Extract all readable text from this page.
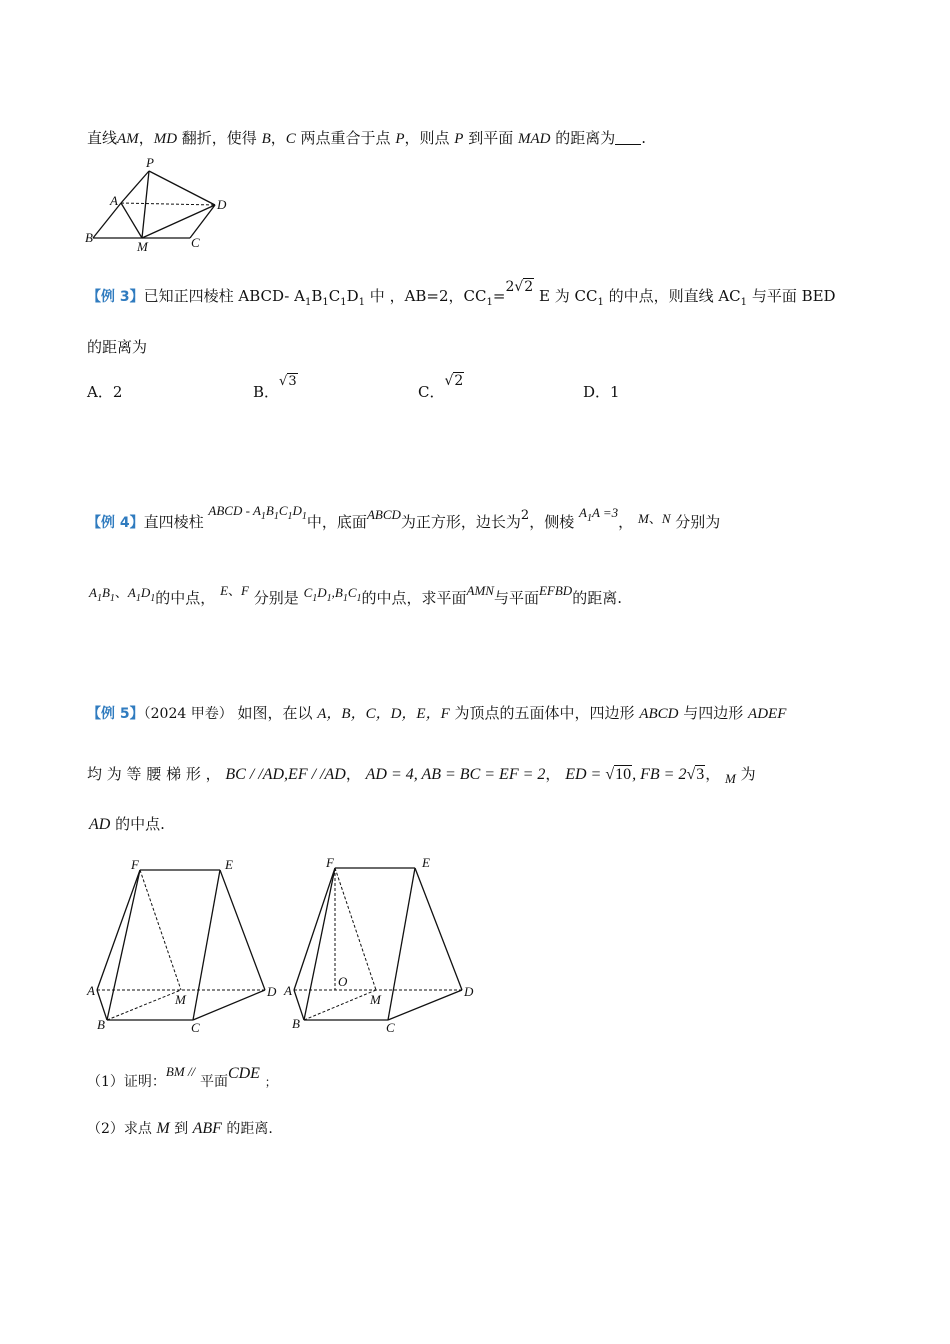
直线AM，MD 翻折，使得 B，C 两点重合于点 P，则点 P 到平面 MAD 的距离为 .
P
A	D
B
M	C
【例 3】已知正四棱柱 ABCD- $A_1B_1C_1D_1$ 中 ，AB=2，$CC_1=2√2$ E 为 $CC_1$ 的中点，则直线 $AC_1$ 与平面 BED
的距离为
A．2	B．√3
C．√2
D．1
【例 4】直四棱柱 ABCD - $A_1B_1C_1D_1$中，底面ABCD为正方形，边长为2，侧棱 $A_1A =3$， M、N 分别为
$A_1B_1$、$A_1D_1$的中点， E、F 分别是 $C_1D_1,B_1C_1$的中点，求平面AMN与平面EFBD的距离.
【例 5】（2024 甲卷） 如图，在以 A，B，C，D，E，F 为顶点的五面体中，四边形 ABCD 与四边形 ADEF
均 为 等 腰 梯 形 ， BC / /AD,EF / /AD， AD = 4, AB = BC = EF = 2， ED = √10, FB = 2√3， M 为
AD 的中点.
F	E
A
M
D
B	C
F	E
A
O
M
D
B	C
（1）证明：BM // 平面CDE ；
（2）求点 M 到 ABF 的距离.
